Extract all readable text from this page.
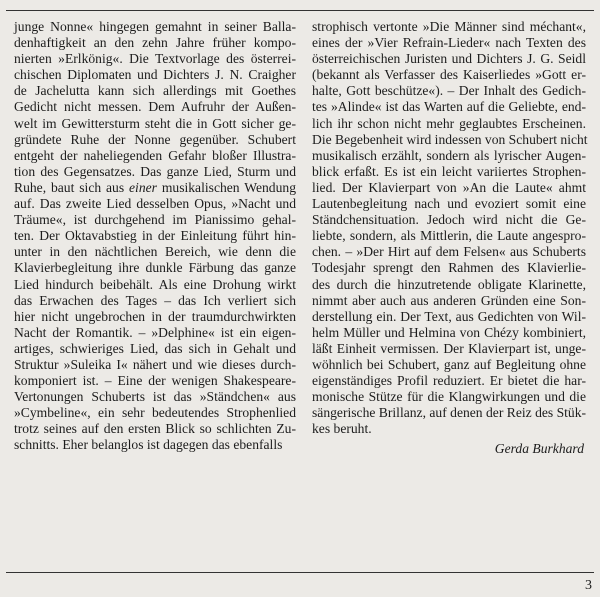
junge Nonne« hingegen gemahnt in seiner Balla-
denhaftigkeit an den zehn Jahre früher kompo-
nierten »Erlkönig«. Die Textvorlage des österrei-
chischen Diplomaten und Dichters J. N. Craigher
de Jachelutta kann sich allerdings mit Goethes
Gedicht nicht messen. Dem Aufruhr der Außen-
welt im Gewittersturm steht die in Gott sicher ge-
gründete Ruhe der Nonne gegenüber. Schubert
entgeht der naheliegenden Gefahr bloßer Illustra-
tion des Gegensatzes. Das ganze Lied, Sturm und
Ruhe, baut sich aus einer musikalischen Wendung
auf. Das zweite Lied desselben Opus, »Nacht und
Träume«, ist durchgehend im Pianissimo gehal-
ten. Der Oktavabstieg in der Einleitung führt hin-
unter in den nächtlichen Bereich, wie denn die
Klavierbegleitung ihre dunkle Färbung das ganze
Lied hindurch beibehält. Als eine Drohung wirkt
das Erwachen des Tages – das Ich verliert sich
hier nicht ungebrochen in der traumdurchwirkten
Nacht der Romantik. – »Delphine« ist ein eigen-
artiges, schwieriges Lied, das sich in Gehalt und
Struktur »Suleika I« nähert und wie dieses durch-
komponiert ist. – Eine der wenigen Shakespeare-
Vertonungen Schuberts ist das »Ständchen« aus
»Cymbeline«, ein sehr bedeutendes Strophenlied
trotz seines auf den ersten Blick so schlichten Zu-
schnitts. Eher belanglos ist dagegen das ebenfalls
strophisch vertonte »Die Männer sind méchant«,
eines der »Vier Refrain-Lieder« nach Texten des
österreichischen Juristen und Dichters J. G. Seidl
(bekannt als Verfasser des Kaiserliedes »Gott er-
halte, Gott beschütze«). – Der Inhalt des Gedich-
tes »Alinde« ist das Warten auf die Geliebte, end-
lich ihr schon nicht mehr geglaubtes Erscheinen.
Die Begebenheit wird indessen von Schubert nicht
musikalisch erzählt, sondern als lyrischer Augen-
blick erfaßt. Es ist ein leicht variiertes Strophen-
lied. Der Klavierpart von »An die Laute« ahmt
Lautenbegleitung nach und evoziert somit eine
Ständchensituation. Jedoch wird nicht die Ge-
liebte, sondern, als Mittlerin, die Laute angespro-
chen. – »Der Hirt auf dem Felsen« aus Schuberts
Todesjahr sprengt den Rahmen des Klavierlie-
des durch die hinzutretende obligate Klarinette,
nimmt aber auch aus anderen Gründen eine Son-
derstellung ein. Der Text, aus Gedichten von Wil-
helm Müller und Helmina von Chézy kombiniert,
läßt Einheit vermissen. Der Klavierpart ist, unge-
wöhnlich bei Schubert, ganz auf Begleitung ohne
eigenständiges Profil reduziert. Er bietet die har-
monische Stütze für die Klangwirkungen und die
sängerische Brillanz, auf denen der Reiz des Stük-
kes beruht.
Gerda Burkhard
3
